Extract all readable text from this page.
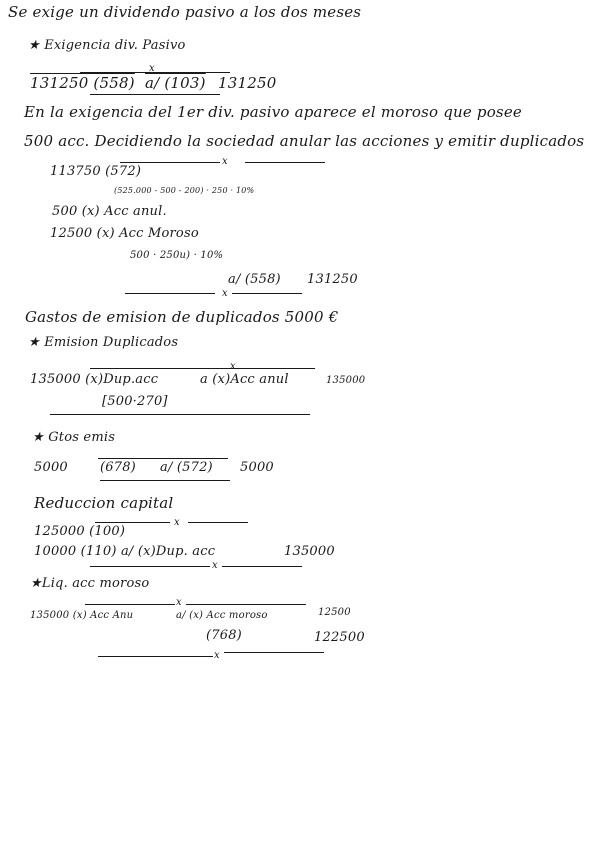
Se exige un dividendo pasivo a los dos meses
★ Exigencia div. Pasivo
x
131250 (558) a/ (103) 131250
En la exigencia del 1er div. pasivo aparece el moroso que posee
500 acc. Decidiendo la sociedad anular las acciones y emitir duplicados
x
113750 (572)
(525.000 - 500 - 200) · 250 · 10%
500 (x) Acc anul.
12500 (x) Acc Moroso
500 · 250u) · 10%
a/ (558) 131250
x
Gastos de emision de duplicados 5000 €
★ Emision Duplicados
x
135000 (x)Dup.acc	a (x)Acc anul	135000
[500·270]
★ Gtos emis
5000 (678) a/ (572) 5000
Reduccion capital
x
125000 (100)
10000 (110) a/ (x)Dup. acc	135000
x
★Liq. acc moroso
x
135000 (x) Acc Anu	a/ (x) Acc moroso	12500
(768)	122500
x
